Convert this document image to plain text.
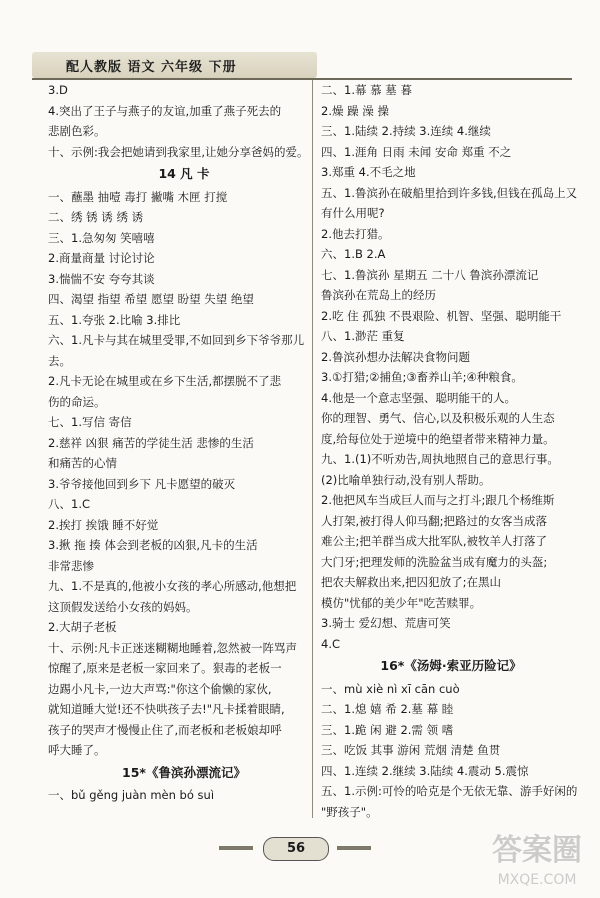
配人教版 语文 六年级 下册
3.D
4.突出了王子与燕子的友谊,加重了燕子死去的
悲剧色彩。
十、示例:我会把她请到我家里,让她分享爸妈的爱。
14 凡 卡
一、蘸墨 抽噎 毒打 撇嘴 木匣 打搅
二、绣 锈 诱 绣 诱
三、1.急匆匆 笑嘻嘻
2.商量商量 讨论讨论
3.惴惴不安 夸夸其谈
四、渴望 指望 希望 愿望 盼望 失望 绝望
五、1.夸张 2.比喻 3.排比
六、1.凡卡与其在城里受罪,不如回到乡下爷爷那儿
去。
2.凡卡无论在城里或在乡下生活,都摆脱不了悲
伤的命运。
七、1.写信 寄信
2.慈祥 凶狠 痛苦的学徒生活 悲惨的生活
和痛苦的心情
3.爷爷接他回到乡下 凡卡愿望的破灭
八、1.C
2.挨打 挨饿 睡不好觉
3.揪 拖 揍 体会到老板的凶狠,凡卡的生活
非常悲惨
九、1.不是真的,他被小女孩的孝心所感动,他想把
这顶假发送给小女孩的妈妈。
2.大胡子老板
十、示例:凡卡正迷迷糊糊地睡着,忽然被一阵骂声
惊醒了,原来是老板一家回来了。狠毒的老板一
边踢小凡卡,一边大声骂:"你这个偷懒的家伙,
就知道睡大觉!还不快哄孩子去!"凡卡揉着眼睛,
孩子的哭声才慢慢止住了,而老板和老板娘却呼
呼大睡了。
15*《鲁滨孙漂流记》
一、bǔ gěng juàn mèn bó suì
二、1.幕 慕 墓 暮
2.燥 躁 澡 操
三、1.陆续 2.持续 3.连续 4.继续
四、1.涯角 日雨 未闻 安命 郑重 不之
3.郑重 4.不毛之地
五、1.鲁滨孙在破船里拾到许多钱,但钱在孤岛上又
有什么用呢?
2.他去打猎。
六、1.B 2.A
七、1.鲁滨孙 星期五 二十八 鲁滨孙漂流记
鲁滨孙在荒岛上的经历
2.吃 住 孤独 不畏艰险、机智、坚强、聪明能干
八、1.渺茫 重复
2.鲁滨孙想办法解决食物问题
3.①打猎;②捕鱼;③畜养山羊;④种粮食。
4.他是一个意志坚强、聪明能干的人。
你的理智、勇气、信心,以及积极乐观的人生态
度,给每位处于逆境中的绝望者带来精神力量。
九、1.(1)不听劝告,周执地照自己的意思行事。
(2)比喻单独行动,没有别人帮助。
2.他把风车当成巨人而与之打斗;跟几个杨维斯
人打架,被打得人仰马翻;把路过的女客当成落
难公主;把羊群当成大批军队,被牧羊人打落了
大门牙;把理发师的洗脸盆当成有魔力的头盔;
把农夫解救出来,把囚犯放了;在黑山
模仿"忧郁的美少年"吃苦赎罪。
3.骑士 爱幻想、荒唐可笑
4.C
16*《汤姆·索亚历险记》
一、mù xiè nì xī cān cuò
二、1.熄 嬉 希 2.墓 幕 睦
三、1.跪 闲 避 2.需 领 嗜
三、吃饭 其事 游闲 荒烟 清楚 鱼贯
四、1.连续 2.继续 3.陆续 4.震动 5.震惊
五、1.示例:可怜的哈克是个无依无靠、游手好闲的
"野孩子"。
56	答案圈
MXQE.COM
